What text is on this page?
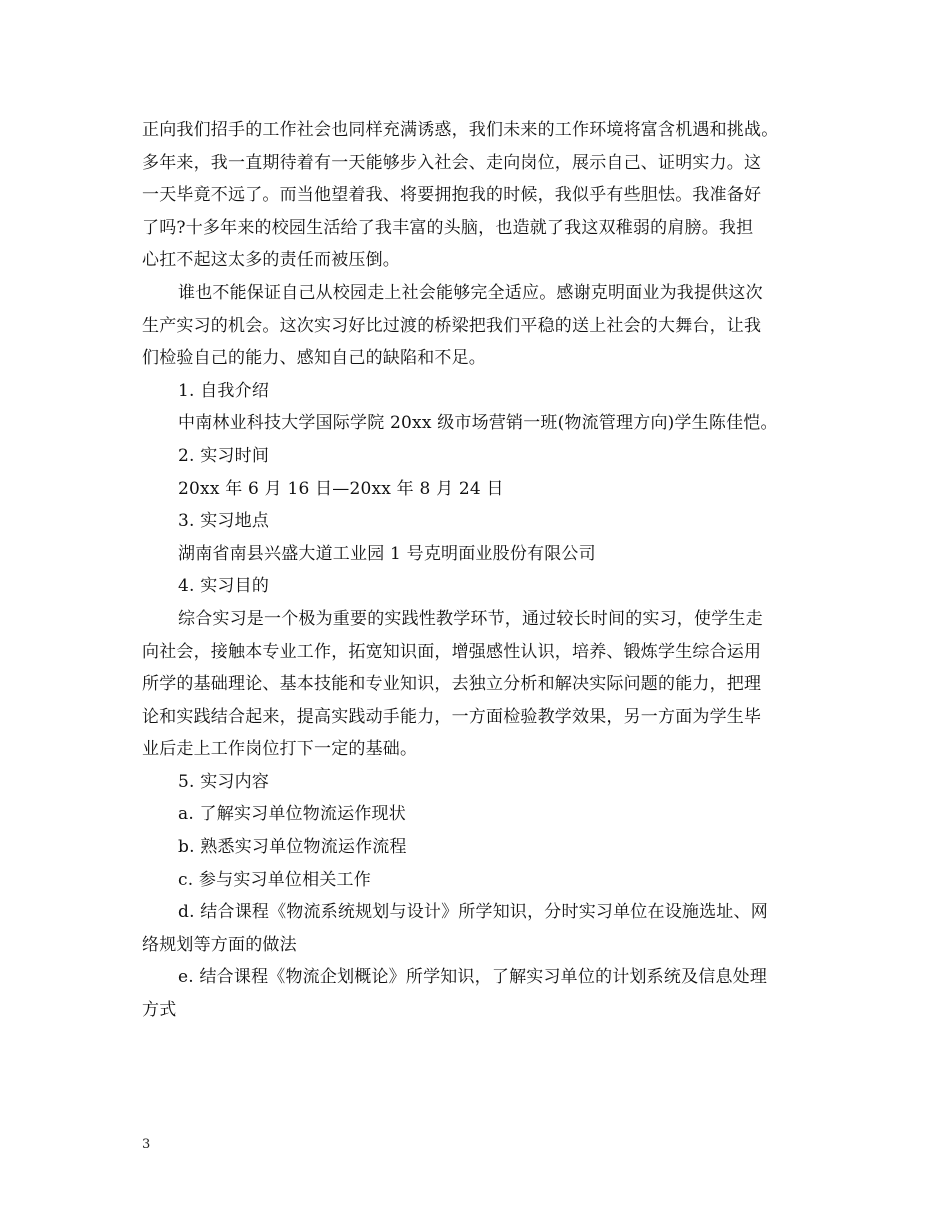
正向我们招手的工作社会也同样充满诱惑，我们未来的工作环境将富含机遇和挑战。

多年来，我一直期待着有一天能够步入社会、走向岗位，展示自己、证明实力。这

一天毕竟不远了。而当他望着我、将要拥抱我的时候，我似乎有些胆怯。我准备好

了吗?十多年来的校园生活给了我丰富的头脑，也造就了我这双稚弱的肩膀。我担

心扛不起这太多的责任而被压倒。

谁也不能保证自己从校园走上社会能够完全适应。感谢克明面业为我提供这次

生产实习的机会。这次实习好比过渡的桥梁把我们平稳的送上社会的大舞台，让我

们检验自己的能力、感知自己的缺陷和不足。

1. 自我介绍

中南林业科技大学国际学院 20xx 级市场营销一班(物流管理方向)学生陈佳恺。

2. 实习时间

20xx 年 6 月 16 日—20xx 年 8 月 24 日

3. 实习地点

湖南省南县兴盛大道工业园 1 号克明面业股份有限公司

4. 实习目的

综合实习是一个极为重要的实践性教学环节，通过较长时间的实习，使学生走

向社会，接触本专业工作，拓宽知识面，增强感性认识，培养、锻炼学生综合运用

所学的基础理论、基本技能和专业知识，去独立分析和解决实际问题的能力，把理

论和实践结合起来，提高实践动手能力，一方面检验教学效果，另一方面为学生毕

业后走上工作岗位打下一定的基础。

5. 实习内容

a. 了解实习单位物流运作现状

b. 熟悉实习单位物流运作流程

c. 参与实习单位相关工作

d. 结合课程《物流系统规划与设计》所学知识，分时实习单位在设施选址、网

络规划等方面的做法

e. 结合课程《物流企划概论》所学知识，了解实习单位的计划系统及信息处理

方式

3
